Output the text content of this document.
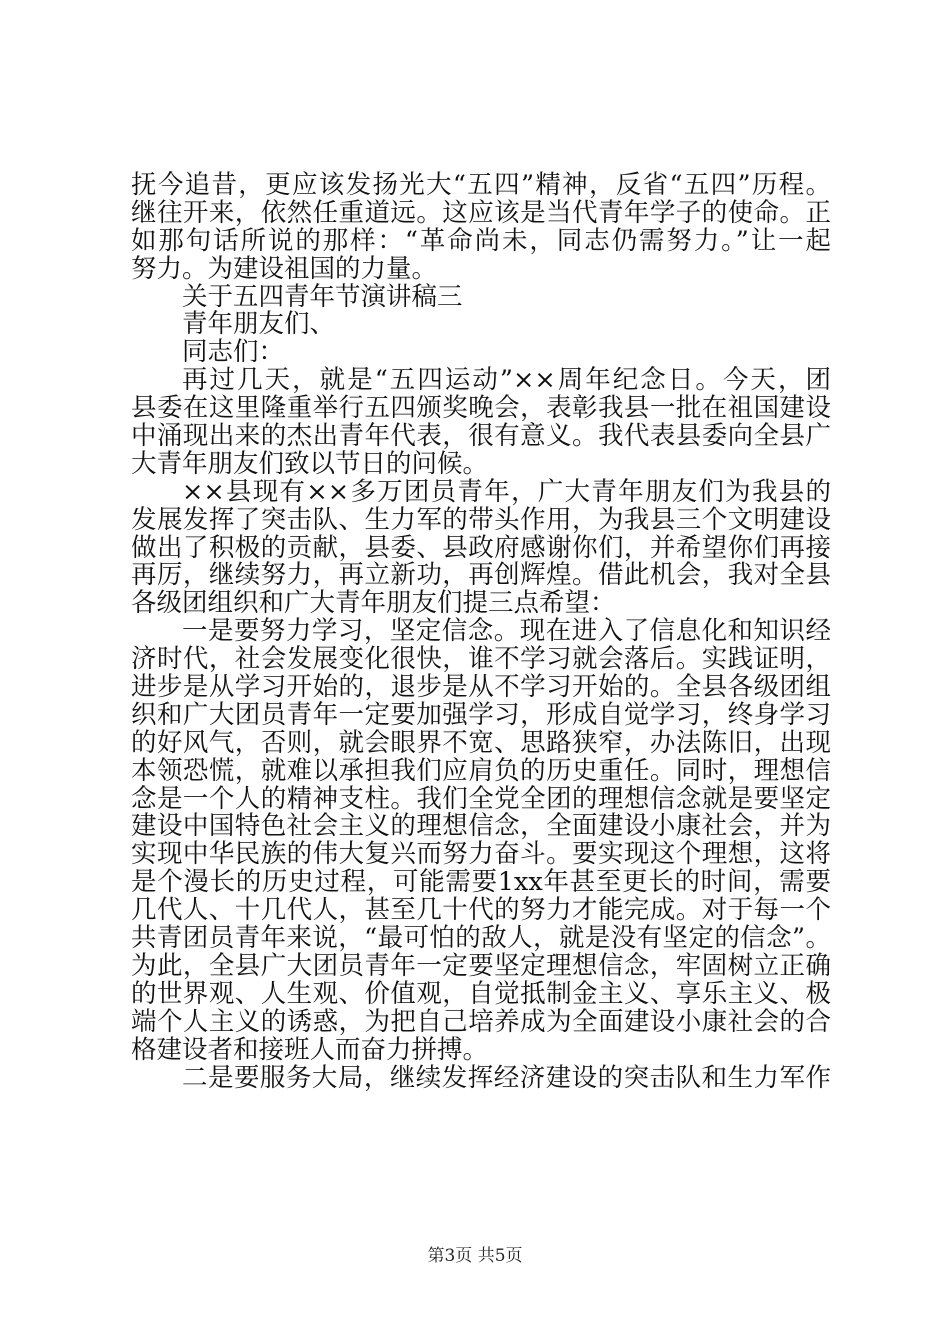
抚今追昔，更应该发扬光大“五四”精神，反省“五四”历程。
继往开来，依然任重道远。这应该是当代青年学子的使命。正
如那句话所说的那样：“革命尚未，同志仍需努力。”让一起
努力。为建设祖国的力量。
关于五四青年节演讲稿三
青年朋友们、
同志们：
再过几天，就是“五四运动”××周年纪念日。今天，团
县委在这里隆重举行五四颁奖晚会，表彰我县一批在祖国建设
中涌现出来的杰出青年代表，很有意义。我代表县委向全县广
大青年朋友们致以节日的问候。
××县现有××多万团员青年，广大青年朋友们为我县的
发展发挥了突击队、生力军的带头作用，为我县三个文明建设
做出了积极的贡献，县委、县政府感谢你们，并希望你们再接
再厉，继续努力，再立新功，再创辉煌。借此机会，我对全县
各级团组织和广大青年朋友们提三点希望：
一是要努力学习，坚定信念。现在进入了信息化和知识经
济时代，社会发展变化很快，谁不学习就会落后。实践证明，
进步是从学习开始的，退步是从不学习开始的。全县各级团组
织和广大团员青年一定要加强学习，形成自觉学习，终身学习
的好风气，否则，就会眼界不宽、思路狭窄，办法陈旧，出现
本领恐慌，就难以承担我们应肩负的历史重任。同时，理想信
念是一个人的精神支柱。我们全党全团的理想信念就是要坚定
建设中国特色社会主义的理想信念，全面建设小康社会，并为
实现中华民族的伟大复兴而努力奋斗。要实现这个理想，这将
是个漫长的历史过程，可能需要1xx年甚至更长的时间，需要
几代人、十几代人，甚至几十代的努力才能完成。对于每一个
共青团员青年来说，“最可怕的敌人，就是没有坚定的信念”。
为此，全县广大团员青年一定要坚定理想信念，牢固树立正确
的世界观、人生观、价值观，自觉抵制金主义、享乐主义、极
端个人主义的诱惑，为把自己培养成为全面建设小康社会的合
格建设者和接班人而奋力拼搏。
二是要服务大局，继续发挥经济建设的突击队和生力军作
第3页 共5页
